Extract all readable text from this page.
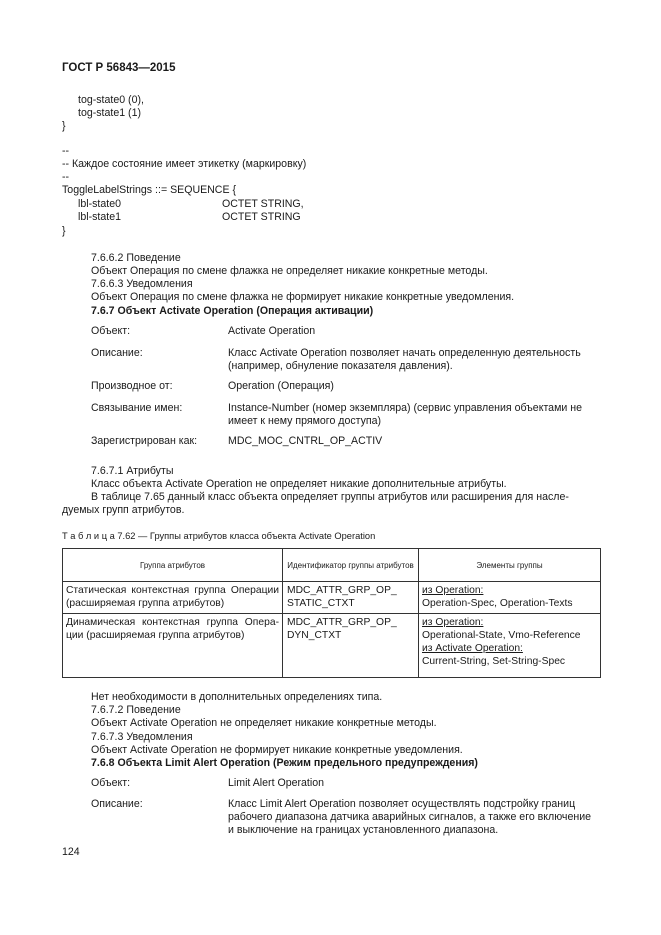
ГОСТ Р 56843—2015
tog-state0 (0),
tog-state1 (1)
}
--
-- Каждое состояние имеет этикетку (маркировку)
--
ToggleLabelStrings ::= SEQUENCE {
lbl-state0	OCTET STRING,
lbl-state1	OCTET STRING
}
7.6.6.2 Поведение
Объект Операция по смене флажка не определяет никакие конкретные методы.
7.6.6.3 Уведомления
Объект Операция по смене флажка не формирует никакие конкретные уведомления.
7.6.7 Объект Activate Operation (Операция активации)
Объект:	Activate Operation
Описание:	Класс Activate Operation позволяет начать определенную деятельность
(например, обнуление показателя давления).
Производное от:	Operation (Операция)
Связывание имен:	Instance-Number (номер экземпляра) (сервис управления объектами не
имеет к нему прямого доступа)
Зарегистрирован как:	MDC_MOC_CNTRL_OP_ACTIV
7.6.7.1 Атрибуты
Класс объекта Activate Operation не определяет никакие дополнительные атрибуты.
В таблице 7.65 данный класс объекта определяет группы атрибутов или расширения для насле-
дуемых групп атрибутов.
Т а б л и ц а 7.62 — Группы атрибутов класса объекта Activate Operation
Группа атрибутов	Идентификатор группы атрибутов	Элементы группы
Статическая контекстная группа Операции (расширяемая группа атрибутов)	MDC_ATTR_GRP_OP_
STATIC_CTXT	из Operation:
Operation-Spec, Operation-Texts

Динамическая контекстная группа Опера-ции (расширяемая группа атрибутов)	MDC_ATTR_GRP_OP_
DYN_CTXT	из Operation:
Operational-State, Vmo-Reference
из Activate Operation:
Current-String, Set-String-Spec
Нет необходимости в дополнительных определениях типа.
7.6.7.2 Поведение
Объект Activate Operation не определяет никакие конкретные методы.
7.6.7.3 Уведомления
Объект Activate Operation не формирует никакие конкретные уведомления.
7.6.8 Объекта Limit Alert Operation (Режим предельного предупреждения)
Объект:	Limit Alert Operation
Описание:	Класс Limit Alert Operation позволяет осуществлять подстройку границ
рабочего диапазона датчика аварийных сигналов, а также его включение
и выключение на границах установленного диапазона.
124
